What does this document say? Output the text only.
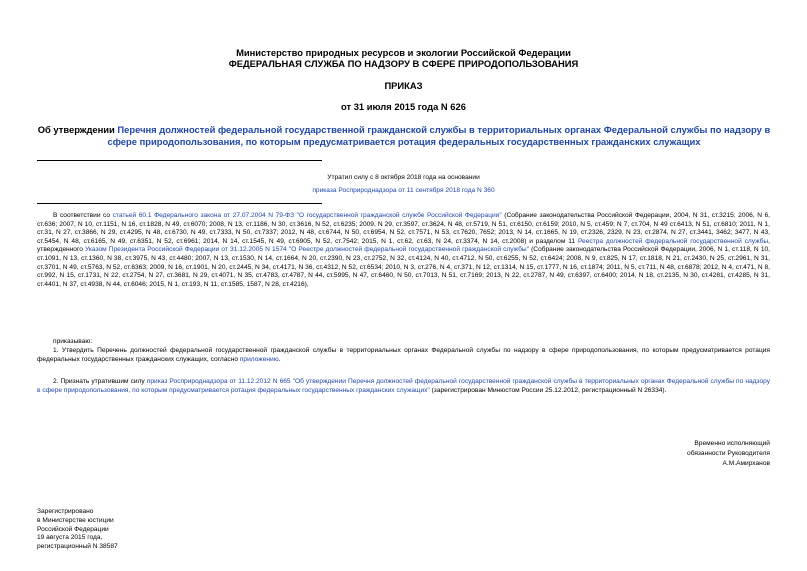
Министерство природных ресурсов и экологии Российской Федерации
ФЕДЕРАЛЬНАЯ СЛУЖБА ПО НАДЗОРУ В СФЕРЕ ПРИРОДОПОЛЬЗОВАНИЯ
ПРИКАЗ
от 31 июля 2015 года N 626
Об утверждении Перечня должностей федеральной государственной гражданской службы в территориальных органах Федеральной службы по надзору в сфере природопользования, по которым предусматривается ротация федеральных государственных гражданских служащих
Утратил силу с 8 октября 2018 года на основании
приказа Росприроднадзора от 11 сентября 2018 года N 360
В соответствии со статьей 60.1 Федерального закона от 27.07.2004 N 79-ФЗ "О государственной гражданской службе Российской Федерации" (Собрание законодательства Российской Федерации, 2004, N 31, ст.3215; 2006, N 6, ст.636; 2007, N 10, ст.1151, N 16, ст.1828, N 49, ст.6070; 2008, N 13, ст.1186, N 30, ст.3616, N 52, ст.6235; 2009, N 29, ст.3597, ст.3624, N 48, ст.5719, N 51, ст.6150, ст.6159; 2010, N 5, ст.459; N 7, ст.704, N 49 ст.6413, N 51, ст.6810; 2011, N 1, ст.31, N 27, ст.3866, N 29, ст.4295, N 48, ст.6730, N 49, ст.7333, N 50, ст.7337; 2012, N 48, ст.6744, N 50, ст.6954, N 52, ст.7571, N 53, ст.7620, 7652; 2013, N 14, ст.1665, N 19, ст.2326, 2329, N 23, ст.2874, N 27, ст.3441, 3462; 3477, N 43, ст.5454, N 48, ст.6165, N 49, ст.6351, N 52, ст.6961; 2014, N 14, ст.1545, N 49, ст.6905, N 52, ст.7542; 2015, N 1, ст.62, ст.63, N 24, ст.3374, N 14, ст.2008) и разделом 11 Реестра должностей федеральной государственной службы, утвержденного Указом Президента Российской Федерации от 31.12.2005 N 1574 "О Реестре должностей федеральной государственной гражданской службы" (Собрание законодательства Российской Федерации, 2006, N 1, ст.118, N 10, ст.1091, N 13, ст.1360, N 38, ст.3975, N 43, ст.4480; 2007, N 13, ст.1530, N 14, ст.1664, N 20, ст.2390, N 23, ст.2752, N 32, ст.4124, N 40, ст.4712, N 50, ст.6255, N 52, ст.6424; 2008, N 9, ст.825, N 17, ст.1818, N 21, ст.2430, N 25, ст.2961, N 31, ст.3701, N 49, ст.5763, N 52, ст.6363; 2009, N 16, ст.1901, N 20, ст.2445, N 34, ст.4171, N 36, ст.4312, N 52, ст.6534; 2010, N 3, ст.276, N 4, ст.371, N 12, ст.1314, N 15, ст.1777, N 16, ст.1874; 2011, N 5, ст.711, N 48, ст.6878; 2012, N 4, ст.471, N 8, ст.992, N 15, ст.1731, N 22, ст.2754, N 27, ст.3681, N 29, ст.4071, N 35, ст.4783, ст.4787, N 44, ст.5995, N 47, ст.6460, N 50, ст.7013, N 51, ст.7169; 2013, N 22, ст.2787, N 49, ст.6397, ст.6400; 2014, N 18, ст.2135, N 30, ст.4281, ст.4285, N 31, ст.4401, N 37, ст.4938, N 44, ст.6046; 2015, N 1, ст.193, N 11, ст.1585, 1587, N 28, ст.4216),
приказываю:
1. Утвердить Перечень должностей федеральной государственной гражданской службы в территориальных органах Федеральной службы по надзору в сфере природопользования, по которым предусматривается ротация федеральных государственных гражданских служащих, согласно приложению.
2. Признать утратившим силу приказ Росприроднадзора от 11.12.2012 N 665 "Об утверждении Перечня должностей федеральной государственной гражданской службы в территориальных органах Федеральной службы по надзору в сфере природопользования, по которым предусматривается ротация федеральных государственных гражданских служащих" (зарегистрирован Минюстом России 25.12.2012, регистрационный N 26334).
Временно исполняющий
обязанности Руководителя
А.М.Амирханов
Зарегистрировано
в Министерстве юстиции
Российской Федерации
19 августа 2015 года,
регистрационный N 38587
